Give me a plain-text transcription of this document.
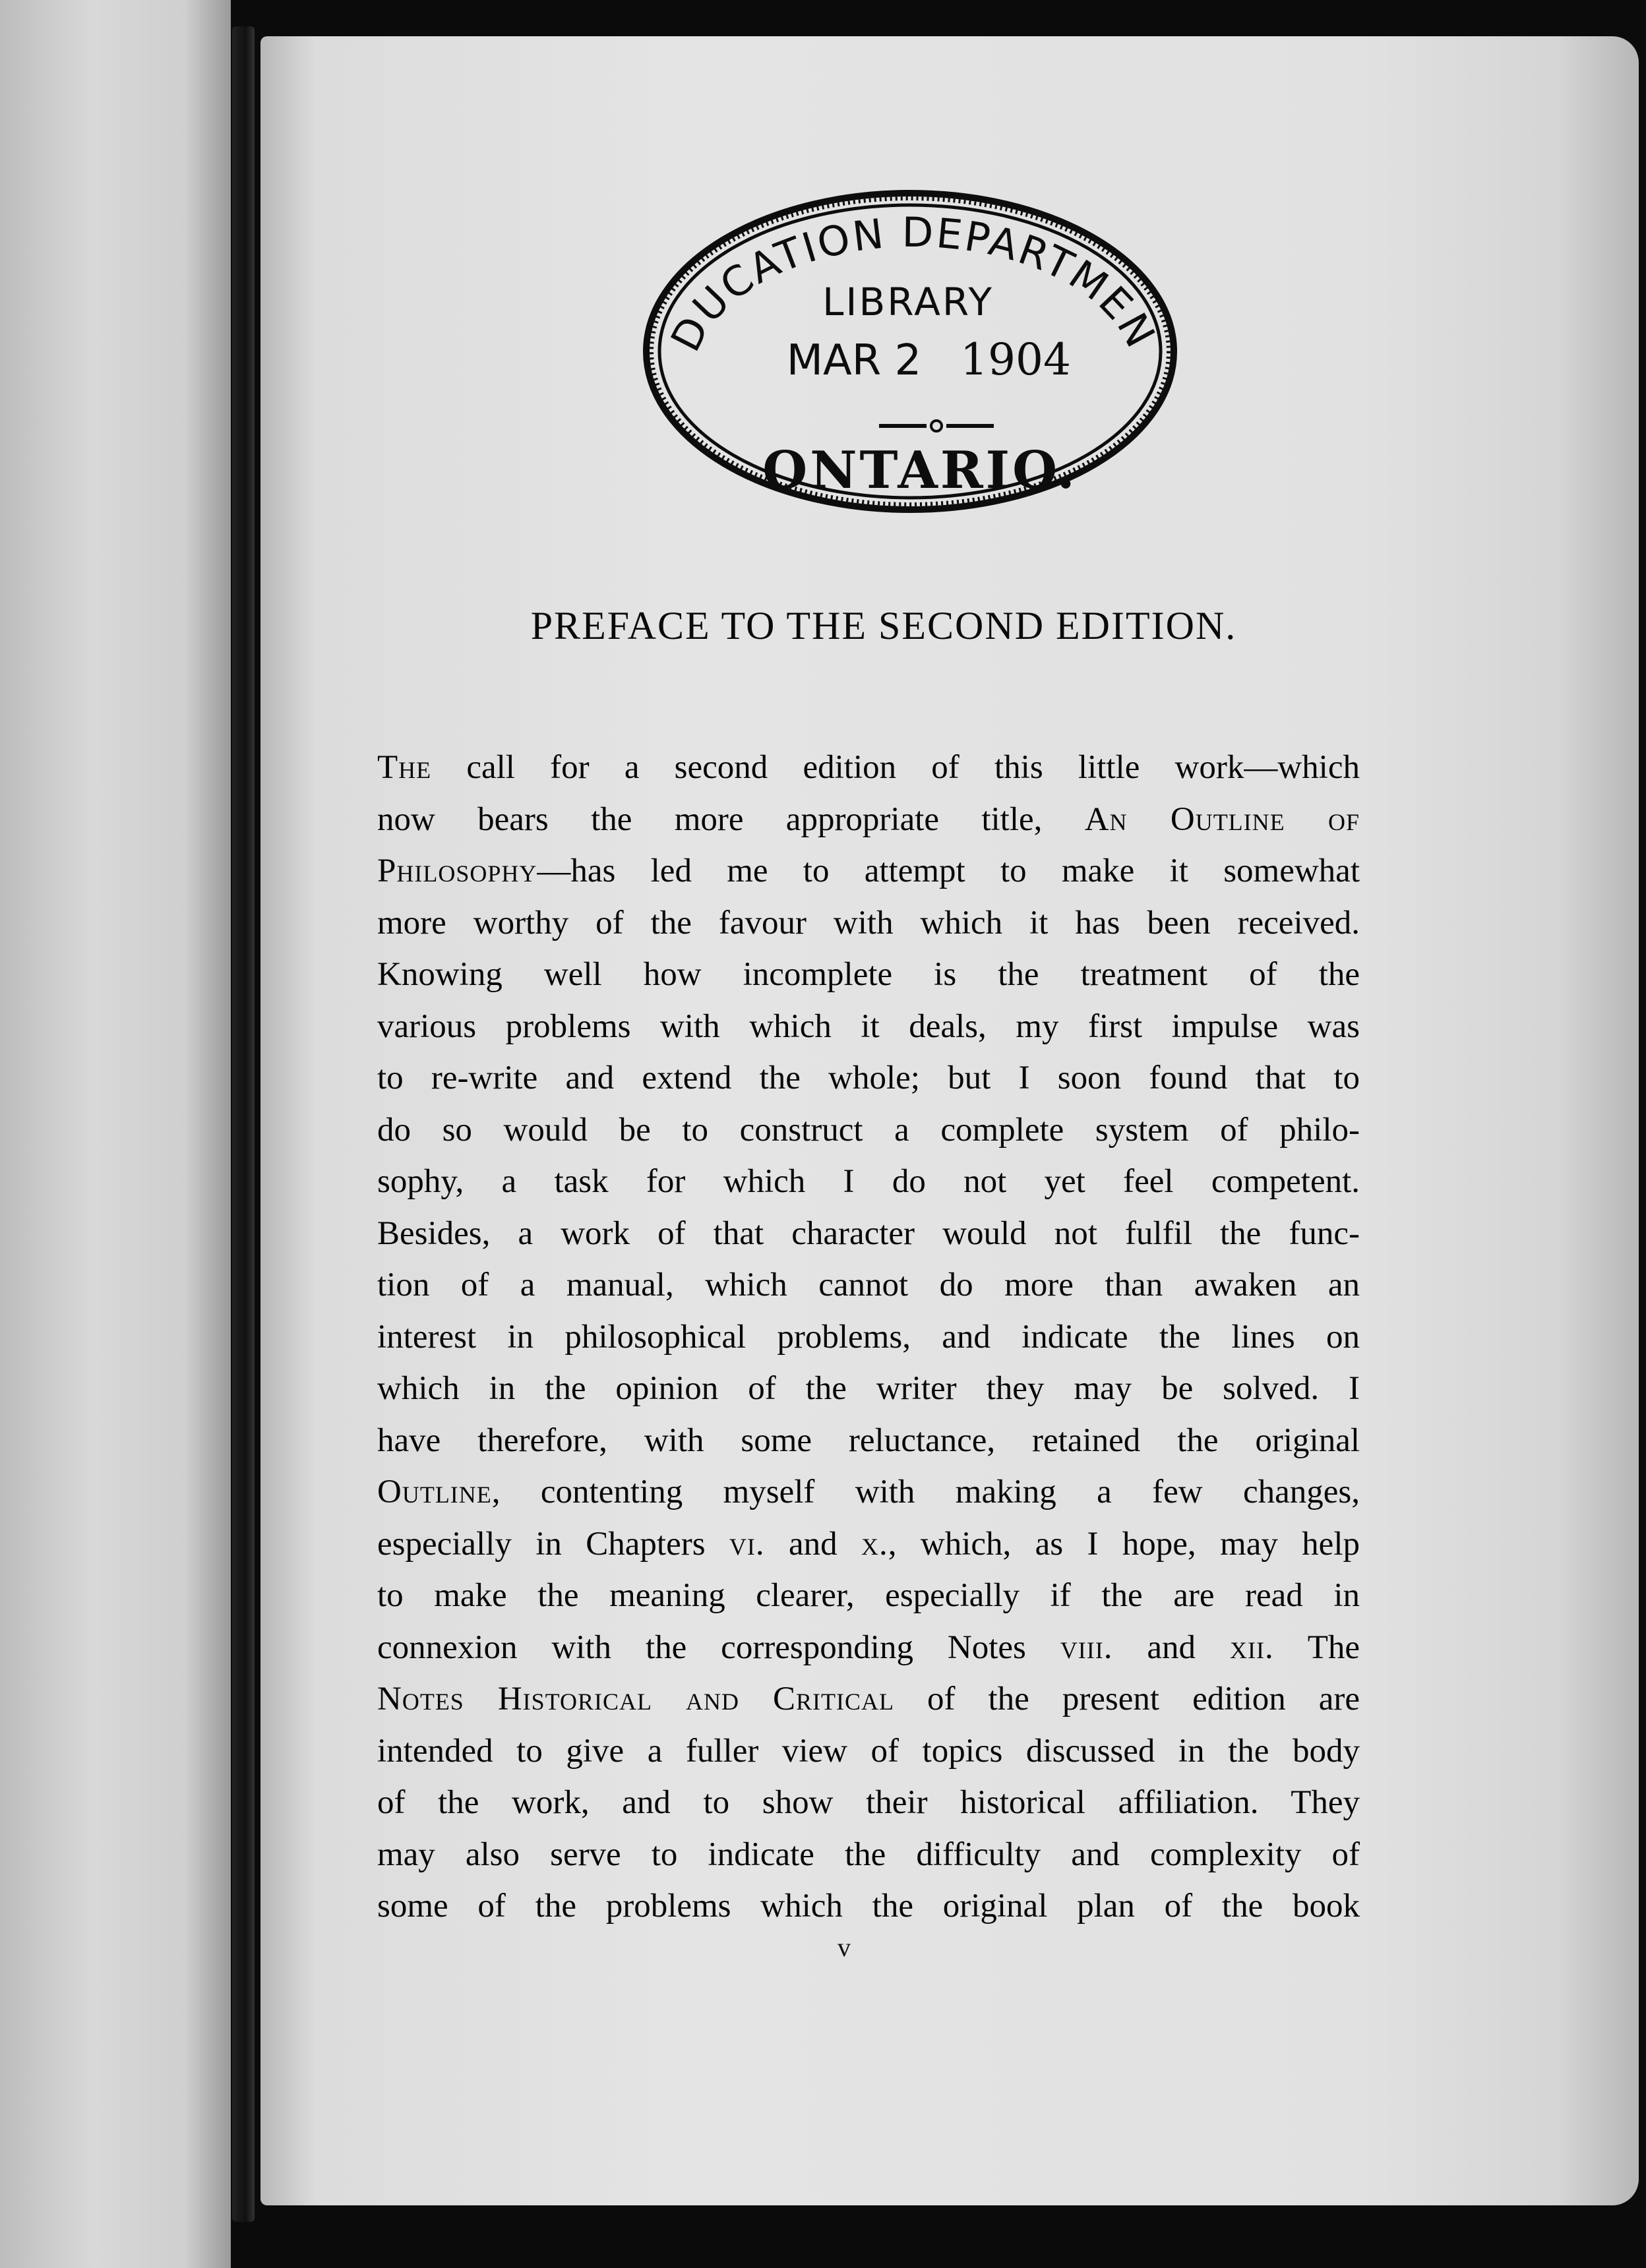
DUCATION DEPARTMEN
LIBRARY
MAR 2 1904
ONTARIO.
PREFACE TO THE SECOND EDITION.
The call for a second edition of this little work—which
now bears the more appropriate title, An Outline of
Philosophy—has led me to attempt to make it somewhat
more worthy of the favour with which it has been received.
Knowing well how incomplete is the treatment of the
various problems with which it deals, my first impulse was
to re-write and extend the whole; but I soon found that to
do so would be to construct a complete system of philo-
sophy, a task for which I do not yet feel competent.
Besides, a work of that character would not fulfil the func-
tion of a manual, which cannot do more than awaken an
interest in philosophical problems, and indicate the lines on
which in the opinion of the writer they may be solved. I
have therefore, with some reluctance, retained the original
Outline, contenting myself with making a few changes,
especially in Chapters vi. and x., which, as I hope, may help
to make the meaning clearer, especially if the are read in
connexion with the corresponding Notes viii. and xii. The
Notes Historical and Critical of the present edition are
intended to give a fuller view of topics discussed in the body
of the work, and to show their historical affiliation. They
may also serve to indicate the difficulty and complexity of
some of the problems which the original plan of the book
v
